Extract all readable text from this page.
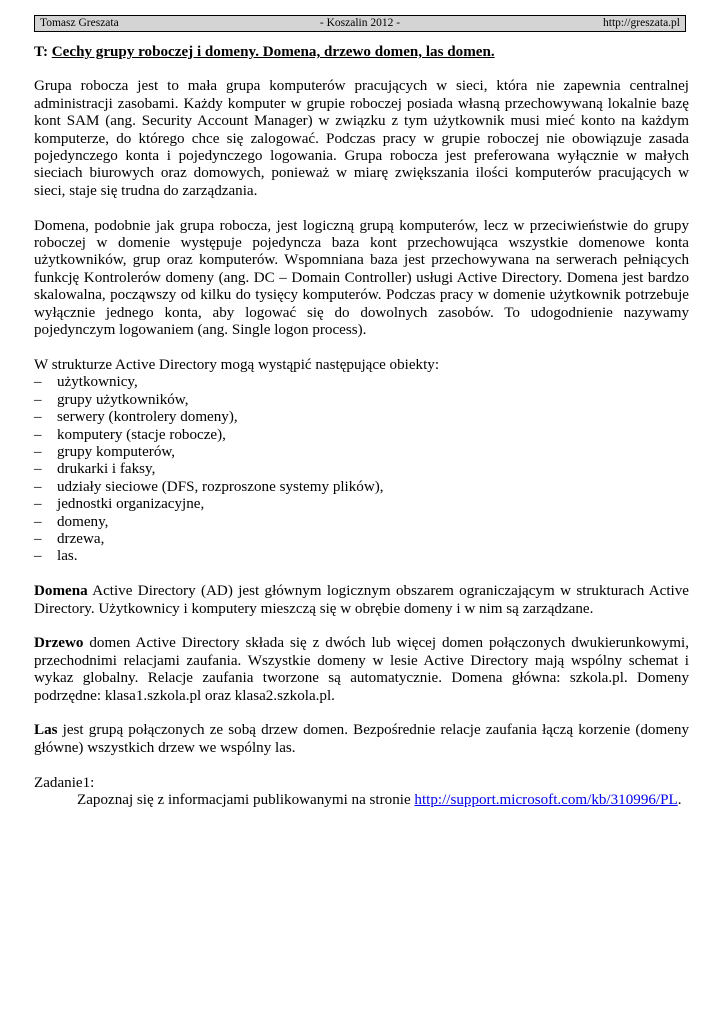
Tomasz Greszata	- Koszalin 2012 -	http://greszata.pl
T: Cechy grupy roboczej i domeny. Domena, drzewo domen, las domen.

Grupa robocza jest to mała grupa komputerów pracujących w sieci, która nie zapewnia centralnej administracji zasobami. Każdy komputer w grupie roboczej posiada własną przechowywaną lokalnie bazę kont SAM (ang. Security Account Manager) w związku z tym użytkownik musi mieć konto na każdym komputerze, do którego chce się zalogować. Podczas pracy w grupie roboczej nie obowiązuje zasada pojedynczego konta i pojedynczego logowania. Grupa robocza jest preferowana wyłącznie w małych sieciach biurowych oraz domowych, ponieważ w miarę zwiększania ilości komputerów pracujących w sieci, staje się trudna do zarządzania.

Domena, podobnie jak grupa robocza, jest logiczną grupą komputerów, lecz w przeciwieństwie do grupy roboczej w domenie występuje pojedyncza baza kont przechowująca wszystkie domenowe konta użytkowników, grup oraz komputerów. Wspomniana baza jest przechowywana na serwerach pełniących funkcję Kontrolerów domeny (ang. DC – Domain Controller) usługi Active Directory. Domena jest bardzo skalowalna, począwszy od kilku do tysięcy komputerów. Podczas pracy w domenie użytkownik potrzebuje wyłącznie jednego konta, aby logować się do dowolnych zasobów. To udogodnienie nazywamy pojedynczym logowaniem (ang. Single logon process).

W strukturze Active Directory mogą wystąpić następujące obiekty:
– użytkownicy,
– grupy użytkowników,
– serwery (kontrolery domeny),
– komputery (stacje robocze),
– grupy komputerów,
– drukarki i faksy,
– udziały sieciowe (DFS, rozproszone systemy plików),
– jednostki organizacyjne,
– domeny,
– drzewa,
– las.

Domena Active Directory (AD) jest głównym logicznym obszarem ograniczającym w strukturach Active Directory. Użytkownicy i komputery mieszczą się w obrębie domeny i w nim są zarządzane.

Drzewo domen Active Directory składa się z dwóch lub więcej domen połączonych dwukierunkowymi, przechodnimi relacjami zaufania. Wszystkie domeny w lesie Active Directory mają wspólny schemat i wykaz globalny. Relacje zaufania tworzone są automatycznie. Domena główna: szkola.pl. Domeny podrzędne: klasa1.szkola.pl oraz klasa2.szkola.pl.

Las jest grupą połączonych ze sobą drzew domen. Bezpośrednie relacje zaufania łączą korzenie (domeny główne) wszystkich drzew we wspólny las.

Zadanie1:
Zapoznaj się z informacjami publikowanymi na stronie http://support.microsoft.com/kb/310996/PL.
